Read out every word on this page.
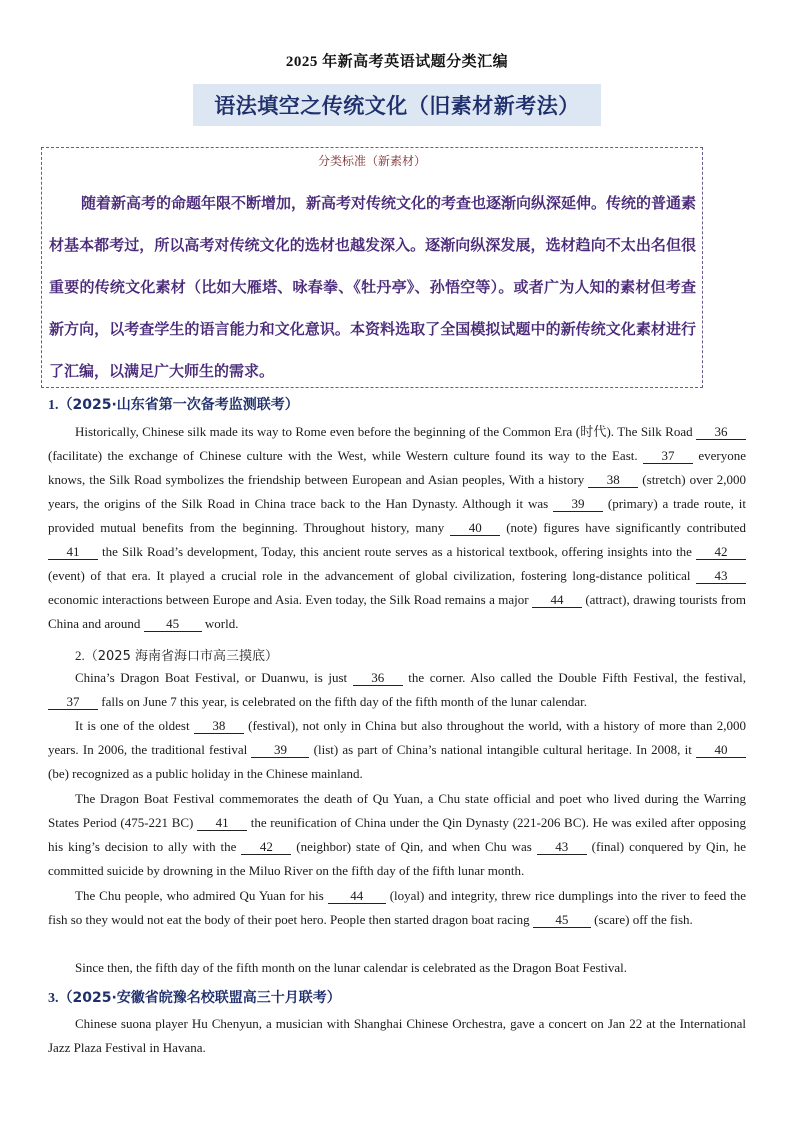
2025 年新高考英语试题分类汇编
语法填空之传统文化（旧素材新考法）
分类标准（新素材）
随着新高考的命题年限不断增加，新高考对传统文化的考查也逐渐向纵深延伸。传统的普通素材基本都考过，所以高考对传统文化的选材也越发深入。逐渐向纵深发展，选材趋向不太出名但很重要的传统文化素材（比如大雁塔、咏春拳、《牡丹亭》、孙悟空等）。或者广为人知的素材但考查新方向，以考查学生的语言能力和文化意识。本资料选取了全国模拟试题中的新传统文化素材进行了汇编，以满足广大师生的需求。
1.（2025·山东省第一次备考监测联考）
Historically, Chinese silk made its way to Rome even before the beginning of the Common Era (时代). The Silk Road 36 (facilitate) the exchange of Chinese culture with the West, while Western culture found its way to the East. 37 everyone knows, the Silk Road symbolizes the friendship between European and Asian peoples, With a history 38 (stretch) over 2,000 years, the origins of the Silk Road in China trace back to the Han Dynasty. Although it was 39 (primary) a trade route, it provided mutual benefits from the beginning. Throughout history, many 40 (note) figures have significantly contributed 41 the Silk Road’s development, Today, this ancient route serves as a historical textbook, offering insights into the 42 (event) of that era. It played a crucial role in the advancement of global civilization, fostering long-distance political 43 economic interactions between Europe and Asia. Even today, the Silk Road remains a major 44 (attract), drawing tourists from China and around 45 world.
2.（2025 海南省海口市高三摸底）
China’s Dragon Boat Festival, or Duanwu, is just 36 the corner. Also called the Double Fifth Festival, the festival, 37 falls on June 7 this year, is celebrated on the fifth day of the fifth month of the lunar calendar.
It is one of the oldest 38 (festival), not only in China but also throughout the world, with a history of more than 2,000 years. In 2006, the traditional festival 39 (list) as part of China’s national intangible cultural heritage. In 2008, it 40 (be) recognized as a public holiday in the Chinese mainland.
The Dragon Boat Festival commemorates the death of Qu Yuan, a Chu state official and poet who lived during the Warring States Period (475-221 BC) 41 the reunification of China under the Qin Dynasty (221-206 BC). He was exiled after opposing his king’s decision to ally with the 42 (neighbor) state of Qin, and when Chu was 43 (final) conquered by Qin, he committed suicide by drowning in the Miluo River on the fifth day of the fifth lunar month.
The Chu people, who admired Qu Yuan for his 44 (loyal) and integrity, threw rice dumplings into the river to feed the fish so they would not eat the body of their poet hero. People then started dragon boat racing 45 (scare) off the fish.
Since then, the fifth day of the fifth month on the lunar calendar is celebrated as the Dragon Boat Festival.
3.（2025·安徽省皖豫名校联盟高三十月联考）
Chinese suona player Hu Chenyun, a musician with Shanghai Chinese Orchestra, gave a concert on Jan 22 at the International Jazz Plaza Festival in Havana.
